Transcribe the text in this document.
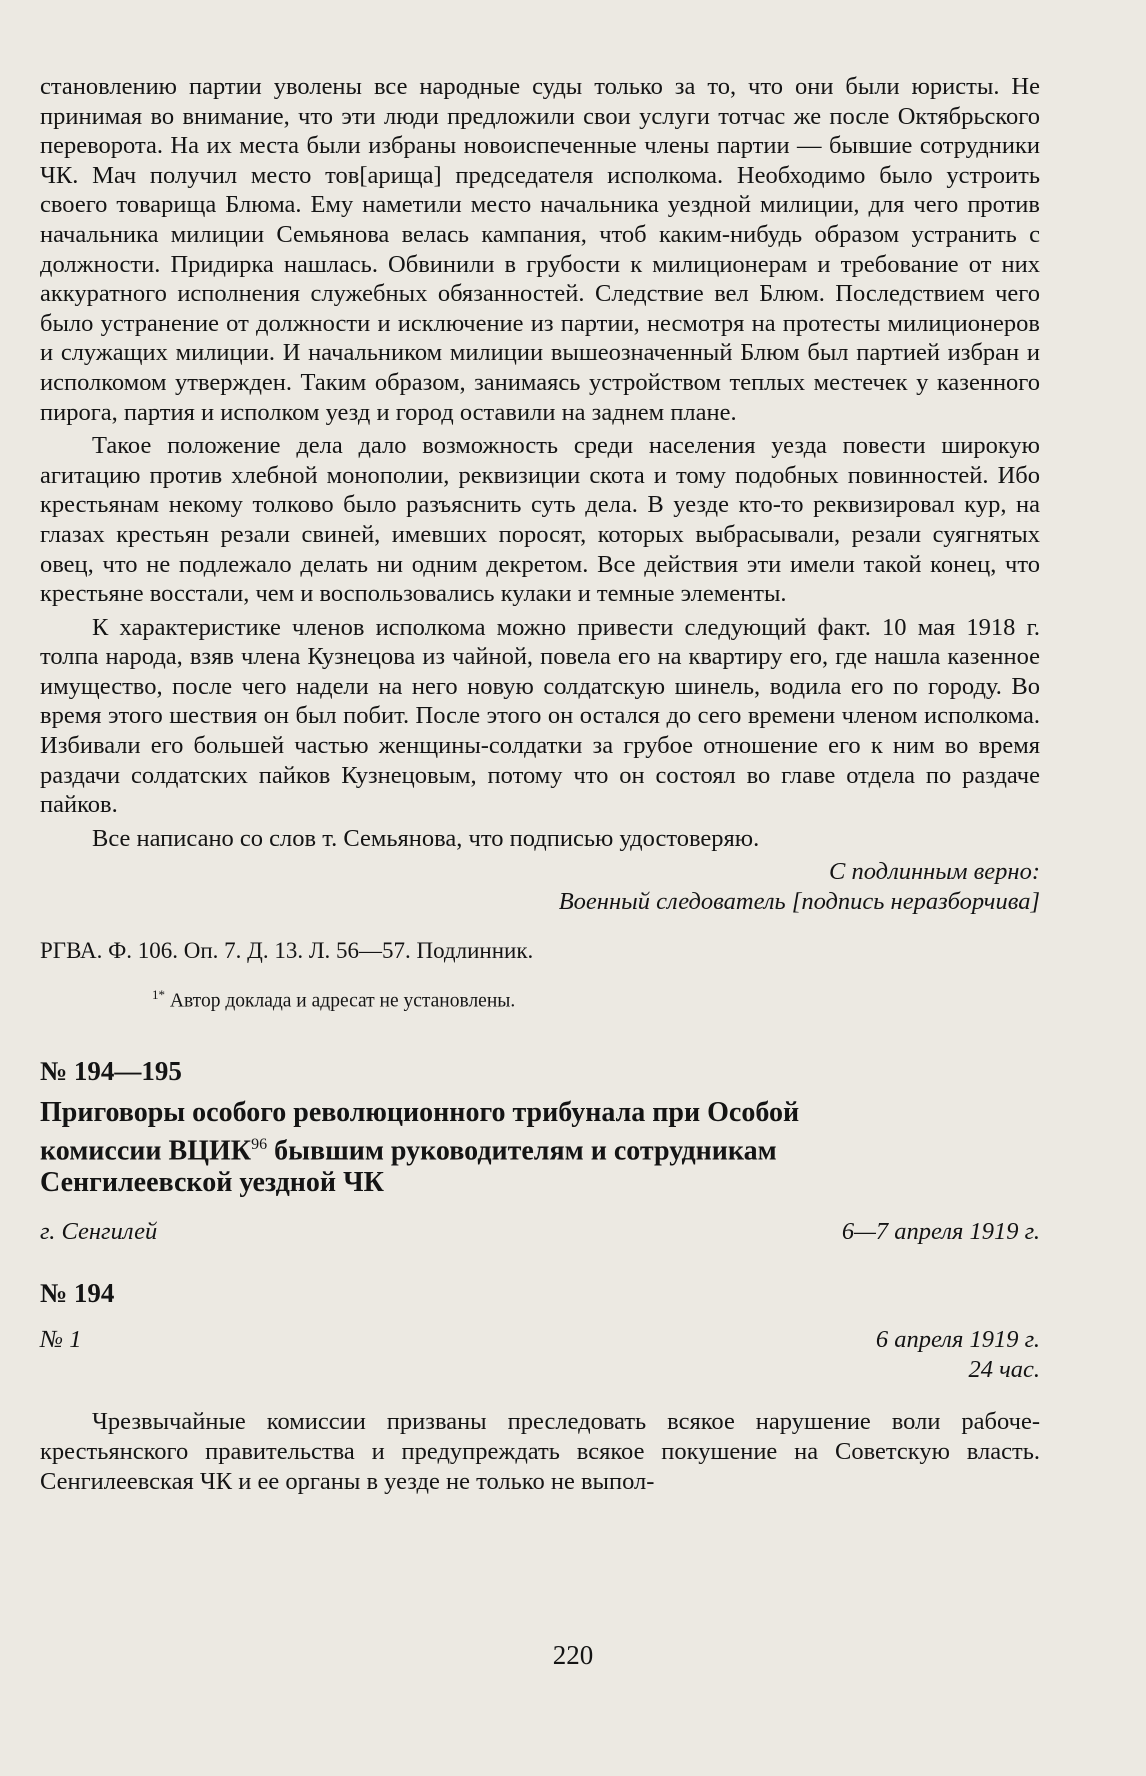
становлению партии уволены все народные суды только за то, что они были юристы. Не принимая во внимание, что эти люди предложили свои услуги тотчас же после Октябрьского переворота. На их места были избраны новоиспеченные члены партии — бывшие сотрудники ЧК. Мач получил место тов[арища] председателя исполкома. Необходимо было устроить своего товарища Блюма. Ему наметили место начальника уездной милиции, для чего против начальника милиции Семьянова велась кампания, чтоб каким-нибудь образом устранить с должности. Придирка нашлась. Обвинили в грубости к милиционерам и требование от них аккуратного исполнения служебных обязанностей. Следствие вел Блюм. Последствием чего было устранение от должности и исключение из партии, несмотря на протесты милиционеров и служащих милиции. И начальником милиции вышеозначенный Блюм был партией избран и исполкомом утвержден. Таким образом, занимаясь устройством теплых местечек у казенного пирога, партия и исполком уезд и город оставили на заднем плане.

Такое положение дела дало возможность среди населения уезда повести широкую агитацию против хлебной монополии, реквизиции скота и тому подобных повинностей. Ибо крестьянам некому толково было разъяснить суть дела. В уезде кто-то реквизировал кур, на глазах крестьян резали свиней, имевших поросят, которых выбрасывали, резали суягнятых овец, что не подлежало делать ни одним декретом. Все действия эти имели такой конец, что крестьяне восстали, чем и воспользовались кулаки и темные элементы.

К характеристике членов исполкома можно привести следующий факт. 10 мая 1918 г. толпа народа, взяв члена Кузнецова из чайной, повела его на квартиру его, где нашла казенное имущество, после чего надели на него новую солдатскую шинель, водила его по городу. Во время этого шествия он был побит. После этого он остался до сего времени членом исполкома. Избивали его большей частью женщины-солдатки за грубое отношение его к ним во время раздачи солдатских пайков Кузнецовым, потому что он состоял во главе отдела по раздаче пайков.

Все написано со слов т. Семьянова, что подписью удостоверяю.

С подлинным верно:
Военный следователь [подпись неразборчива]
РГВА. Ф. 106. Оп. 7. Д. 13. Л. 56—57. Подлинник.
$^{1*}$ Автор доклада и адресат не установлены.
№ 194—195
Приговоры особого революционного трибунала при Особой комиссии ВЦИК$^{96}$ бывшим руководителям и сотрудникам Сенгилеевской уездной ЧК
г. Сенгилей	6—7 апреля 1919 г.
№ 194
№ 1	6 апреля 1919 г.
24 час.

Чрезвычайные комиссии призваны преследовать всякое нарушение воли рабоче-крестьянского правительства и предупреждать всякое покушение на Советскую власть. Сенгилеевская ЧК и ее органы в уезде не только не выпол-

220
